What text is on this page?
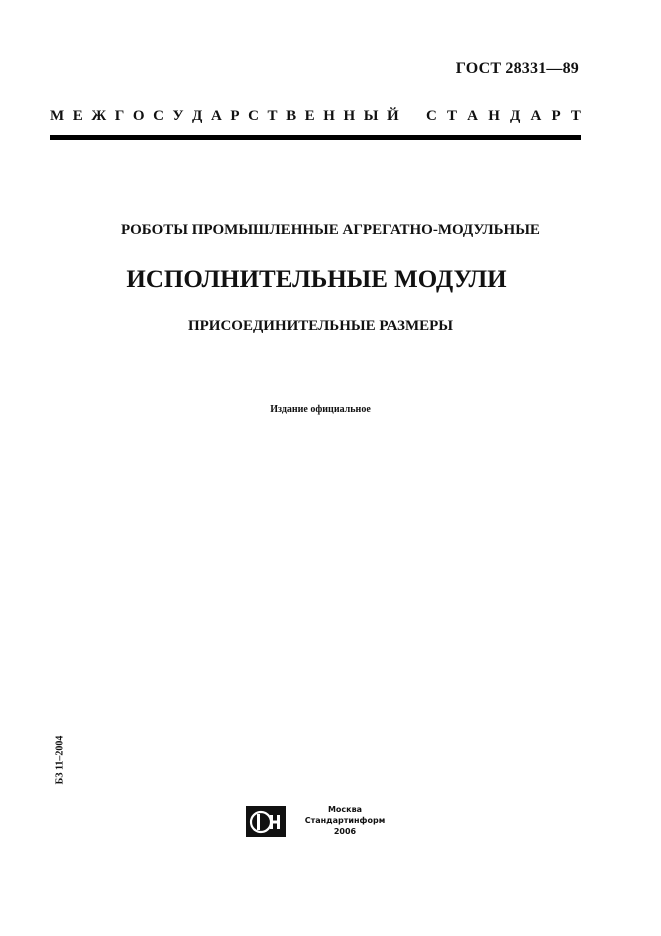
ГОСТ 28331—89
М Е Ж Г О С У Д А Р С Т В Е Н Н Ы Й С Т А Н Д А Р Т
РОБОТЫ ПРОМЫШЛЕННЫЕ АГРЕГАТНО-МОДУЛЬНЫЕ
ИСПОЛНИТЕЛЬНЫЕ МОДУЛИ
ПРИСОЕДИНИТЕЛЬНЫЕ РАЗМЕРЫ
Издание официальное
БЗ 11–2004
Москва
Стандартинформ
2006
